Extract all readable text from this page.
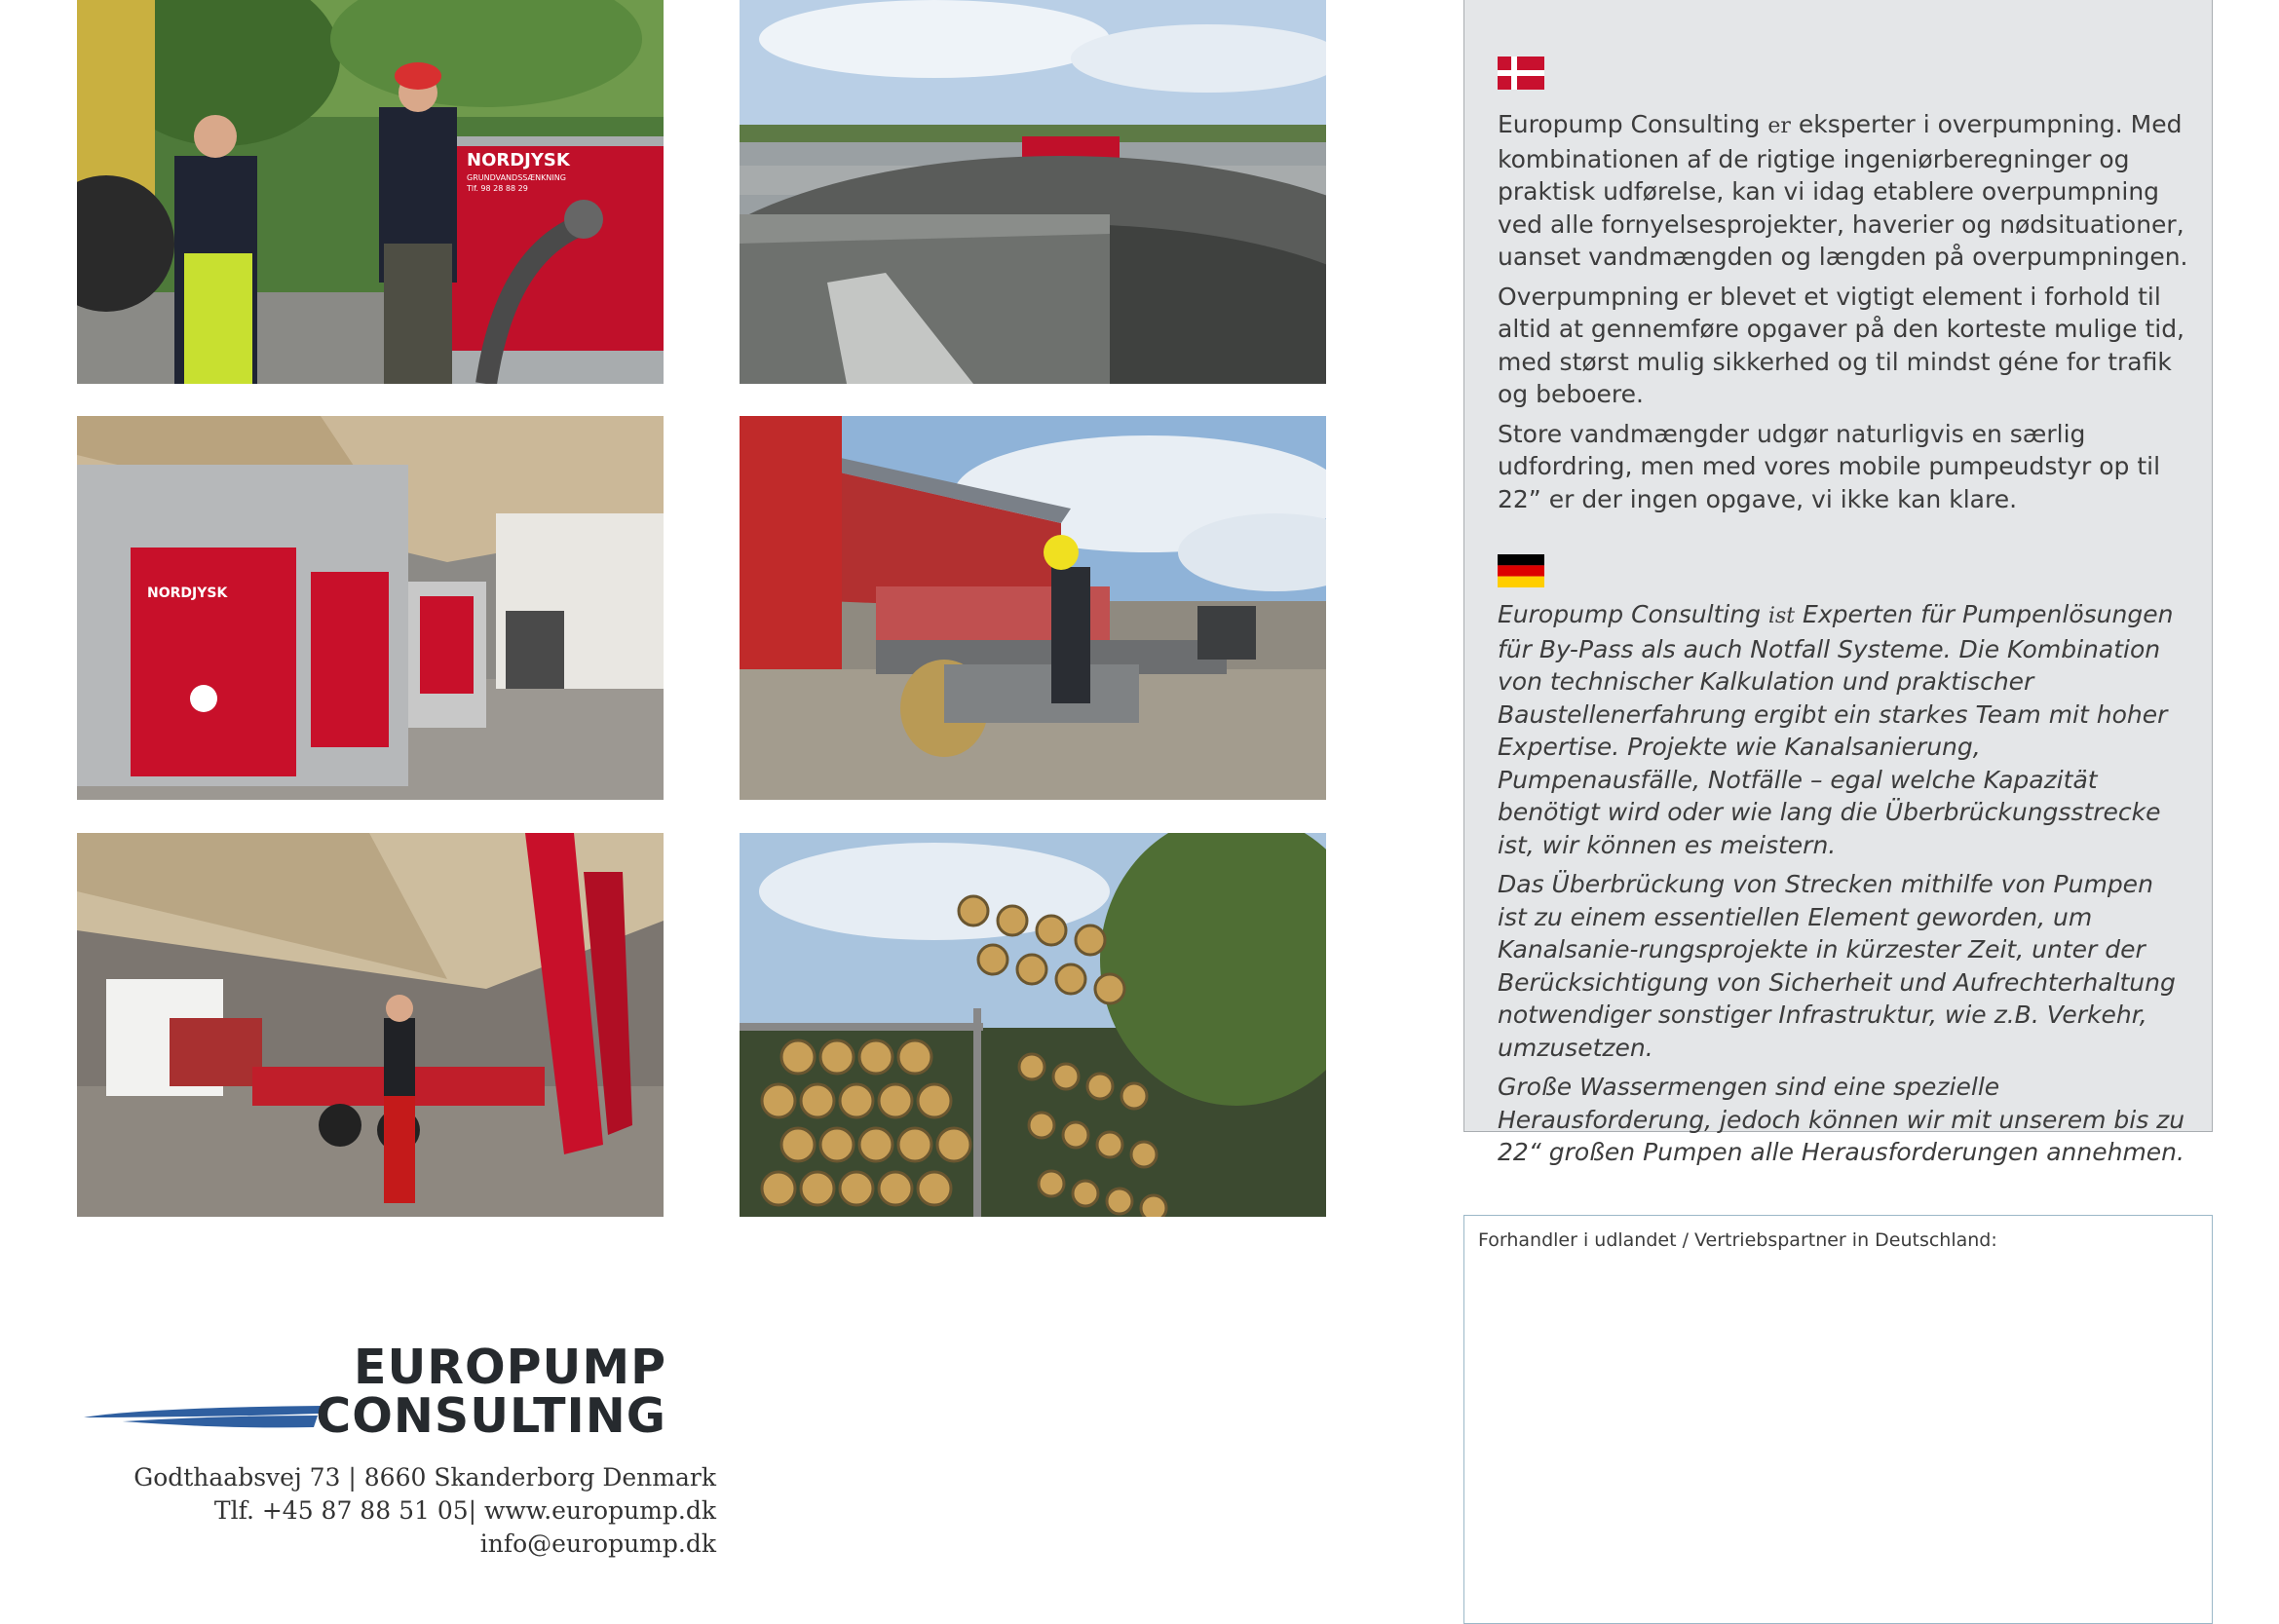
NORDJYSK
GRUNDVANDSSÆNKNING
Tlf. 98 28 88 29
NORDJYSK

Europump Consulting er eksperter i overpumpning. Med kombinationen af de rigtige ingeniørberegninger og praktisk udførelse, kan vi idag etablere overpumpning ved alle fornyelsesprojekter, haverier og nødsituationer, uanset vandmængden og længden på overpumpningen.

Overpumpning er blevet et vigtigt element i forhold til altid at gennemføre opgaver på den korteste mulige tid, med størst mulig sikkerhed og til mindst géne for trafik og beboere.

Store vandmængder udgør naturligvis en særlig udfordring, men med vores mobile pumpeudstyr op til 22” er der ingen opgave, vi ikke kan klare.

Europump Consulting ist Experten für Pumpenlösungen für By-Pass als auch Notfall Systeme. Die Kombination von technischer Kalkulation und praktischer Baustellenerfahrung ergibt ein starkes Team mit hoher Expertise. Projekte wie Kanalsanierung, Pumpenausfälle, Notfälle – egal welche Kapazität benötigt wird oder wie lang die Überbrückungsstrecke ist, wir können es meistern.

Das Überbrückung von Strecken mithilfe von Pumpen ist zu einem essentiellen Element geworden, um Kanalsanie-rungsprojekte in kürzester Zeit, unter der Berücksichtigung von Sicherheit und Aufrechterhaltung notwendiger sonstiger Infrastruktur, wie z.B. Verkehr, umzusetzen.

Große Wassermengen sind eine spezielle Herausforderung, jedoch können wir mit unserem bis zu 22“ großen Pumpen alle Herausforderungen annehmen.

Forhandler i udlandet / Vertriebspartner in Deutschland:
EUROPUMP
CONSULTING
Godthaabsvej 73 | 8660 Skanderborg Denmark
Tlf. +45 87 88 51 05| www.europump.dk
info@europump.dk
